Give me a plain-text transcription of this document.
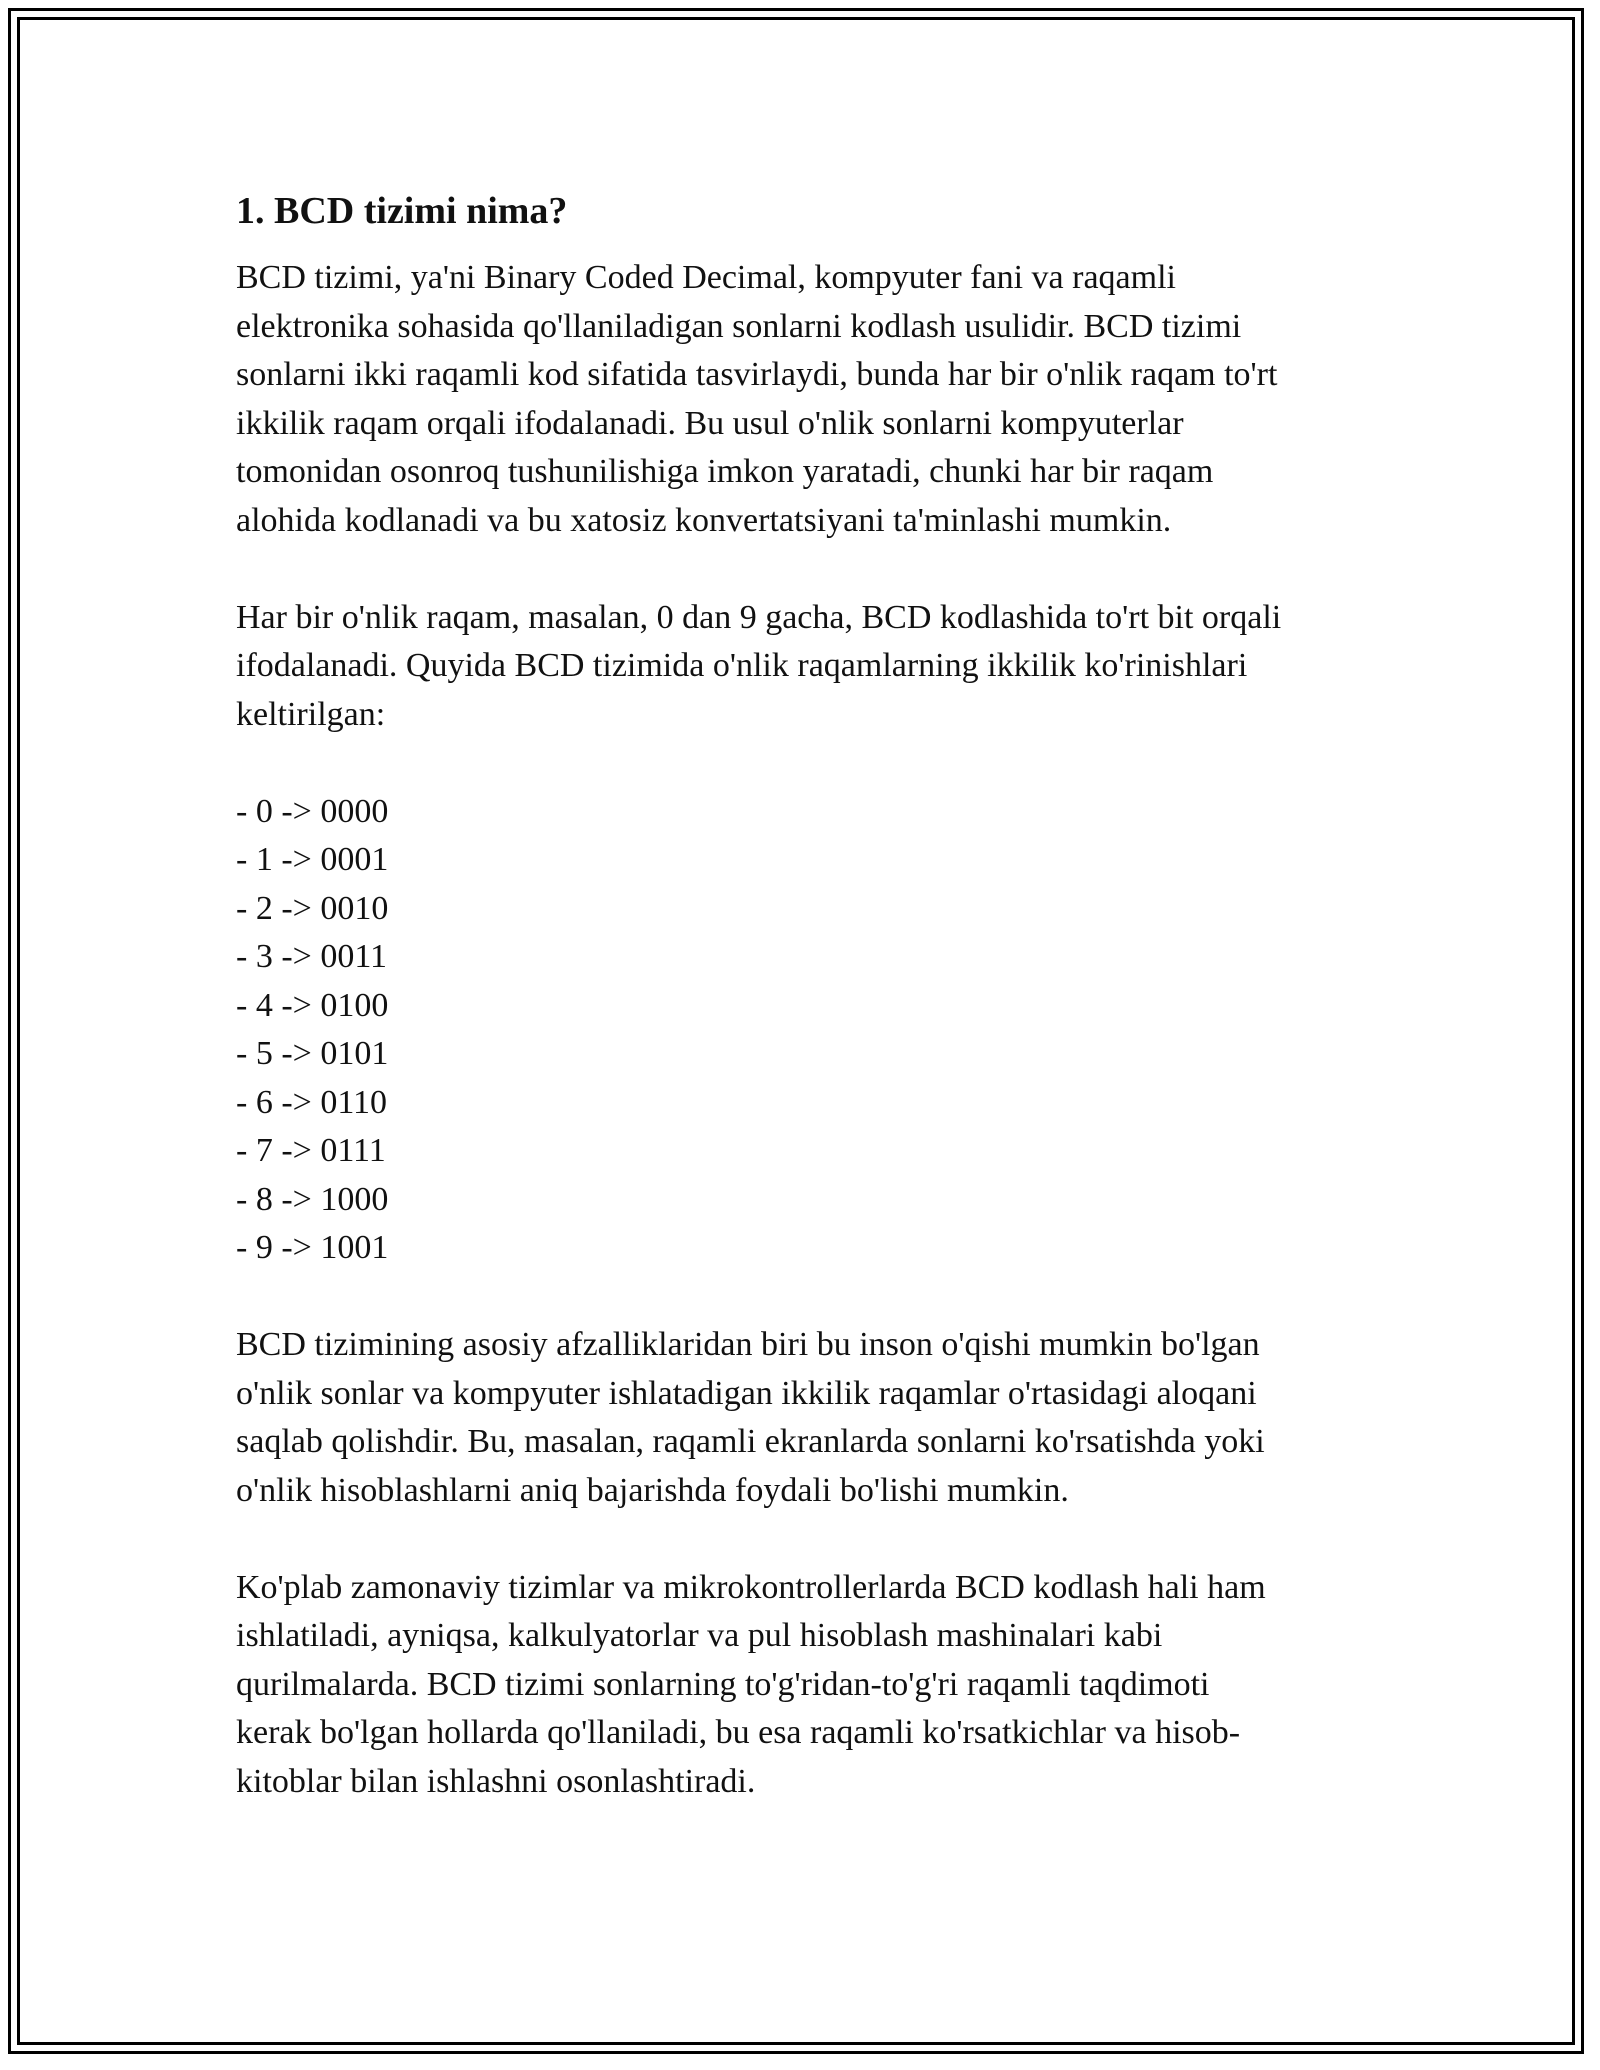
1. BCD tizimi nima?

BCD tizimi, ya'ni Binary Coded Decimal, kompyuter fani va raqamli
elektronika sohasida qo'llaniladigan sonlarni kodlash usulidir. BCD tizimi
sonlarni ikki raqamli kod sifatida tasvirlaydi, bunda har bir o'nlik raqam to'rt
ikkilik raqam orqali ifodalanadi. Bu usul o'nlik sonlarni kompyuterlar
tomonidan osonroq tushunilishiga imkon yaratadi, chunki har bir raqam
alohida kodlanadi va bu xatosiz konvertatsiyani ta'minlashi mumkin.

Har bir o'nlik raqam, masalan, 0 dan 9 gacha, BCD kodlashida to'rt bit orqali
ifodalanadi. Quyida BCD tizimida o'nlik raqamlarning ikkilik ko'rinishlari
keltirilgan:

- 0 -> 0000
- 1 -> 0001
- 2 -> 0010
- 3 -> 0011
- 4 -> 0100
- 5 -> 0101
- 6 -> 0110
- 7 -> 0111
- 8 -> 1000
- 9 -> 1001

BCD tizimining asosiy afzalliklaridan biri bu inson o'qishi mumkin bo'lgan
o'nlik sonlar va kompyuter ishlatadigan ikkilik raqamlar o'rtasidagi aloqani
saqlab qolishdir. Bu, masalan, raqamli ekranlarda sonlarni ko'rsatishda yoki
o'nlik hisoblashlarni aniq bajarishda foydali bo'lishi mumkin.

Ko'plab zamonaviy tizimlar va mikrokontrollerlarda BCD kodlash hali ham
ishlatiladi, ayniqsa, kalkulyatorlar va pul hisoblash mashinalari kabi
qurilmalarda. BCD tizimi sonlarning to'g'ridan-to'g'ri raqamli taqdimoti
kerak bo'lgan hollarda qo'llaniladi, bu esa raqamli ko'rsatkichlar va hisob-
kitoblar bilan ishlashni osonlashtiradi.
